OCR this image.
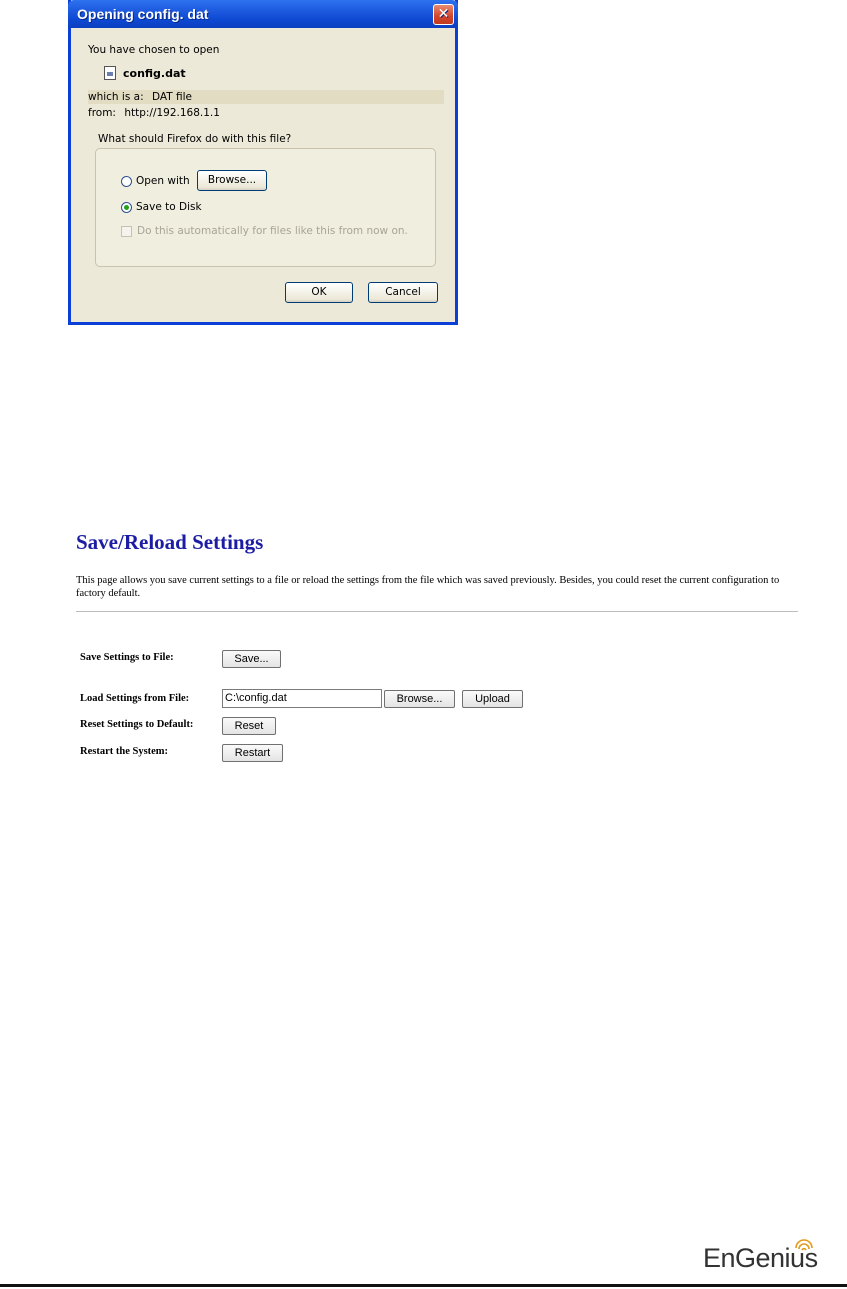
Opening config. dat	✕
You have chosen to open
config.dat
which is a: DAT file
from: http://192.168.1.1
What should Firefox do with this file?
Open with	Browse...
Save to Disk
Do this automatically for files like this from now on.
OK	Cancel
Save/Reload Settings
This page allows you save current settings to a file or reload the settings from the file which was saved previously. Besides, you could reset the current configuration to factory default.
Save Settings to File:	Save...
Load Settings from File:	C:\config.dat	Browse...	Upload
Reset Settings to Default:	Reset
Restart the System:	Restart
EnGenius
